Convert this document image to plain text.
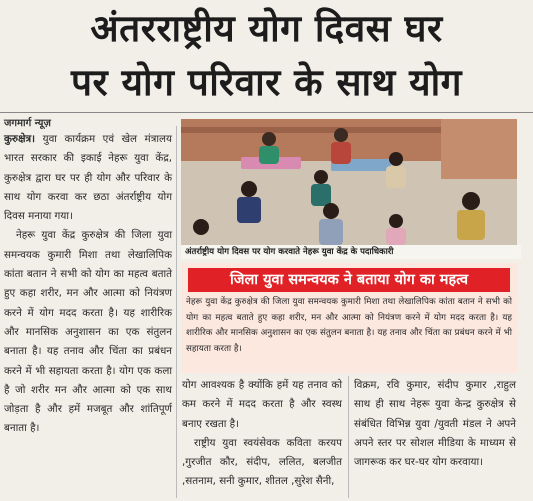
अंतरराष्ट्रीय योग दिवस घर
पर योग परिवार के साथ योग
जगमार्ग न्यूज़

कुरुक्षेत्र। युवा कार्यक्रम एवं खेल मंत्रालय भारत सरकार की इकाई नेहरू युवा केंद्र, कुरुक्षेत्र द्वारा घर पर ही योग और परिवार के साथ योग करवा कर छठा अंतर्राष्ट्रीय योग दिवस मनाया गया।

नेहरू युवा केंद्र कुरुक्षेत्र की जिला युवा समन्वयक कुमारी मिशा तथा लेखालिपिक कांता बतान ने सभी को योग का महत्व बताते हुए कहा शरीर, मन और आत्मा को नियंत्रण करने में योग मदद करता है। यह शारीरिक और मानसिक अनुशासन का एक संतुलन बनाता है। यह तनाव और चिंता का प्रबंधन करने में भी सहायता करता है। योग एक कला है जो शरीर मन और आत्मा को एक साथ जोड़ता है और हमें मजबूत और शांतिपूर्ण बनाता है।

अंतर्राष्ट्रीय योग दिवस पर योग करवाते नेहरू युवा केंद्र के पदाधिकारी
जिला युवा समन्वयक ने बताया योग का महत्व
नेहरू युवा केंद्र कुरुक्षेत्र की जिला युवा समन्वयक कुमारी मिशा तथा लेखालिपिक कांता बतान ने सभी को योग का महत्व बताते हुए कहा शरीर, मन और आत्मा को नियंत्रण करने में योग मदद करता है। यह शारीरिक और मानसिक अनुशासन का एक संतुलन बनाता है। यह तनाव और चिंता का प्रबंधन करने में भी सहायता करता है।

योग आवश्यक है क्योंकि हमें यह तनाव को कम करने में मदद करता है और स्वस्थ बनाए रखता है।

राष्ट्रीय युवा स्वयंसेवक कविता करयप ,गुरजीत कौर, संदीप, ललित, बलजीत ,सतनाम, सनी कुमार, शीतल ,सुरेश सैनी,

विक्रम, रवि कुमार, संदीप कुमार ,राहुल साथ ही साथ नेहरू युवा केन्द्र कुरुक्षेत्र से संबंधित विभिन्न युवा /युवती मंडल ने अपने अपने स्तर पर सोशल मीडिया के माध्यम से जागरूक कर घर-घर योग करवाया।
